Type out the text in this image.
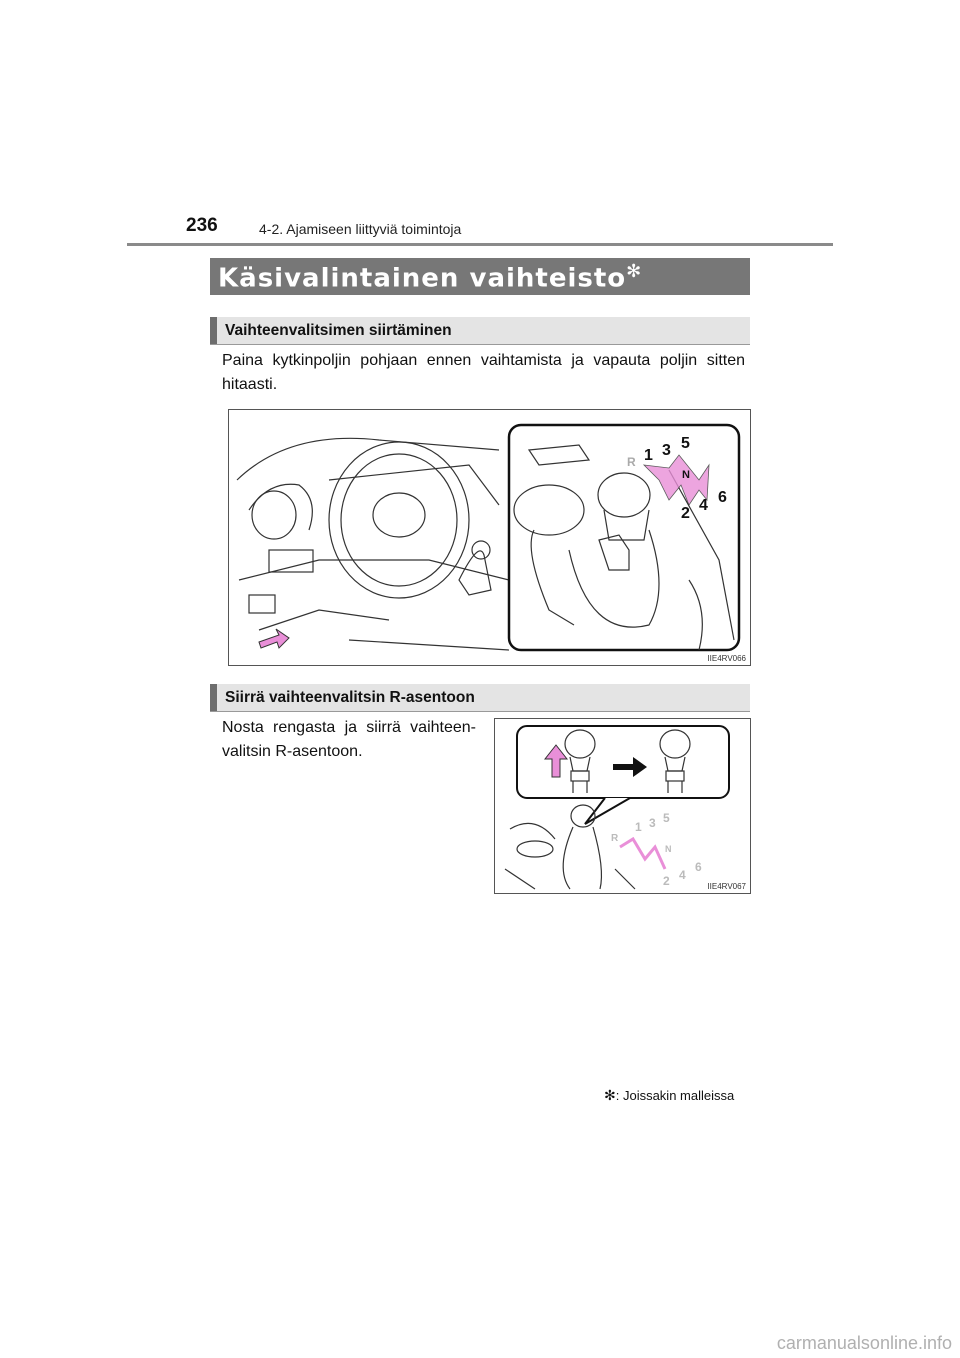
236	4-2. Ajamiseen liittyviä toimintoja
Käsivalintainen vaihteisto✻
Vaihteenvalitsimen siirtäminen
Paina kytkinpoljin pohjaan ennen vaihtamista ja vapauta poljin sitten hitaasti.
R 1 3 5
N
2 4 6
IIE4RV066
Siirrä vaihteenvalitsin R-asentoon
Nosta rengasta ja siirrä vaihteenvalitsin R-asentoon.
R
1 3 5
N
2 4
6
IIE4RV067
✻: Joissakin malleissa
carmanualsonline.info
